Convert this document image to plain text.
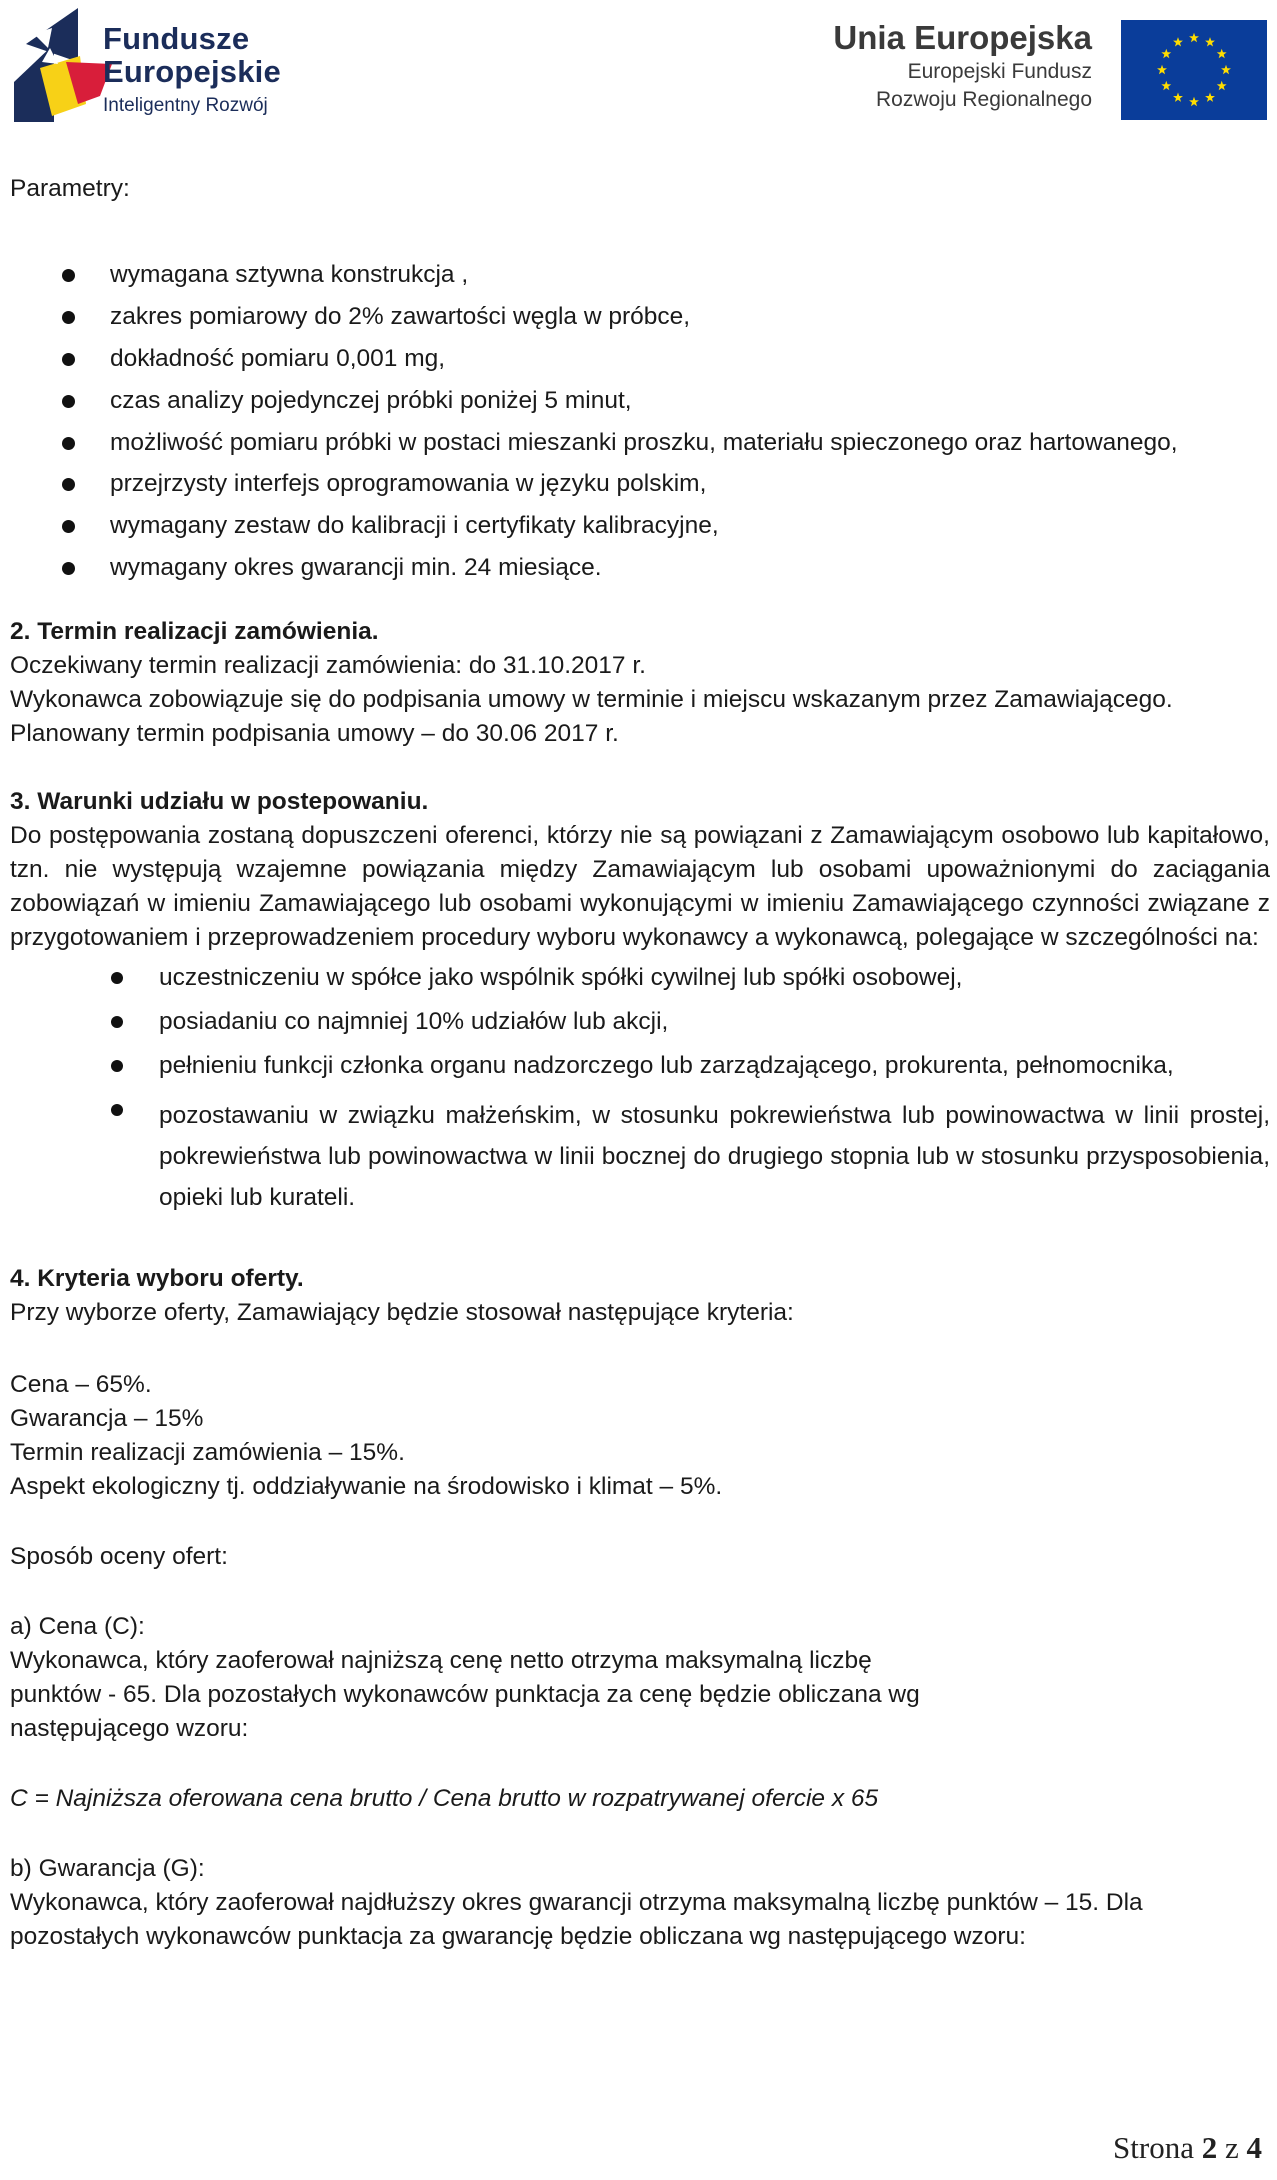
Fundusze
Europejskie
Inteligentny Rozwój
Unia Europejska
Europejski Fundusz
Rozwoju Regionalnego

Parametry:

wymagana sztywna konstrukcja ,
zakres pomiarowy do 2% zawartości węgla w próbce,
dokładność pomiaru 0,001 mg,
czas analizy pojedynczej próbki poniżej 5 minut,
możliwość pomiaru próbki w postaci mieszanki proszku, materiału spieczonego oraz hartowanego,
przejrzysty interfejs oprogramowania w języku polskim,
wymagany zestaw do kalibracji i certyfikaty kalibracyjne,
wymagany okres gwarancji min. 24 miesiące.

2. Termin realizacji zamówienia.

Oczekiwany termin realizacji zamówienia: do 31.10.2017 r.

Wykonawca zobowiązuje się do podpisania umowy w terminie i miejscu wskazanym przez Zamawiającego.

Planowany termin podpisania umowy – do 30.06 2017 r.

3. Warunki udziału w postepowaniu.

Do postępowania zostaną dopuszczeni oferenci, którzy nie są powiązani z Zamawiającym osobowo lub kapitałowo, tzn. nie występują wzajemne powiązania między Zamawiającym lub osobami upoważnionymi do zaciągania zobowiązań w imieniu Zamawiającego lub osobami wykonującymi w imieniu Zamawiającego czynności związane z przygotowaniem i przeprowadzeniem procedury wyboru wykonawcy a wykonawcą, polegające w szczególności na:

uczestniczeniu w spółce jako wspólnik spółki cywilnej lub spółki osobowej,
posiadaniu co najmniej 10% udziałów lub akcji,
pełnieniu funkcji członka organu nadzorczego lub zarządzającego, prokurenta, pełnomocnika,
pozostawaniu w związku małżeńskim, w stosunku pokrewieństwa lub powinowactwa w linii prostej, pokrewieństwa lub powinowactwa w linii bocznej do drugiego stopnia lub w stosunku przysposobienia, opieki lub kurateli.

4. Kryteria wyboru oferty.

Przy wyborze oferty, Zamawiający będzie stosował następujące kryteria:

Cena – 65%.

Gwarancja – 15%

Termin realizacji zamówienia – 15%.

Aspekt ekologiczny tj. oddziaływanie na środowisko i klimat – 5%.

Sposób oceny ofert:

a) Cena (C):

Wykonawca, który zaoferował najniższą cenę netto otrzyma maksymalną liczbę

punktów - 65. Dla pozostałych wykonawców punktacja za cenę będzie obliczana wg

następującego wzoru:

C = Najniższa oferowana cena brutto / Cena brutto w rozpatrywanej ofercie x 65

b) Gwarancja (G):

Wykonawca, który zaoferował najdłuższy okres gwarancji otrzyma maksymalną liczbę punktów – 15. Dla

pozostałych wykonawców punktacja za gwarancję będzie obliczana wg następującego wzoru:

Strona 2 z 4
